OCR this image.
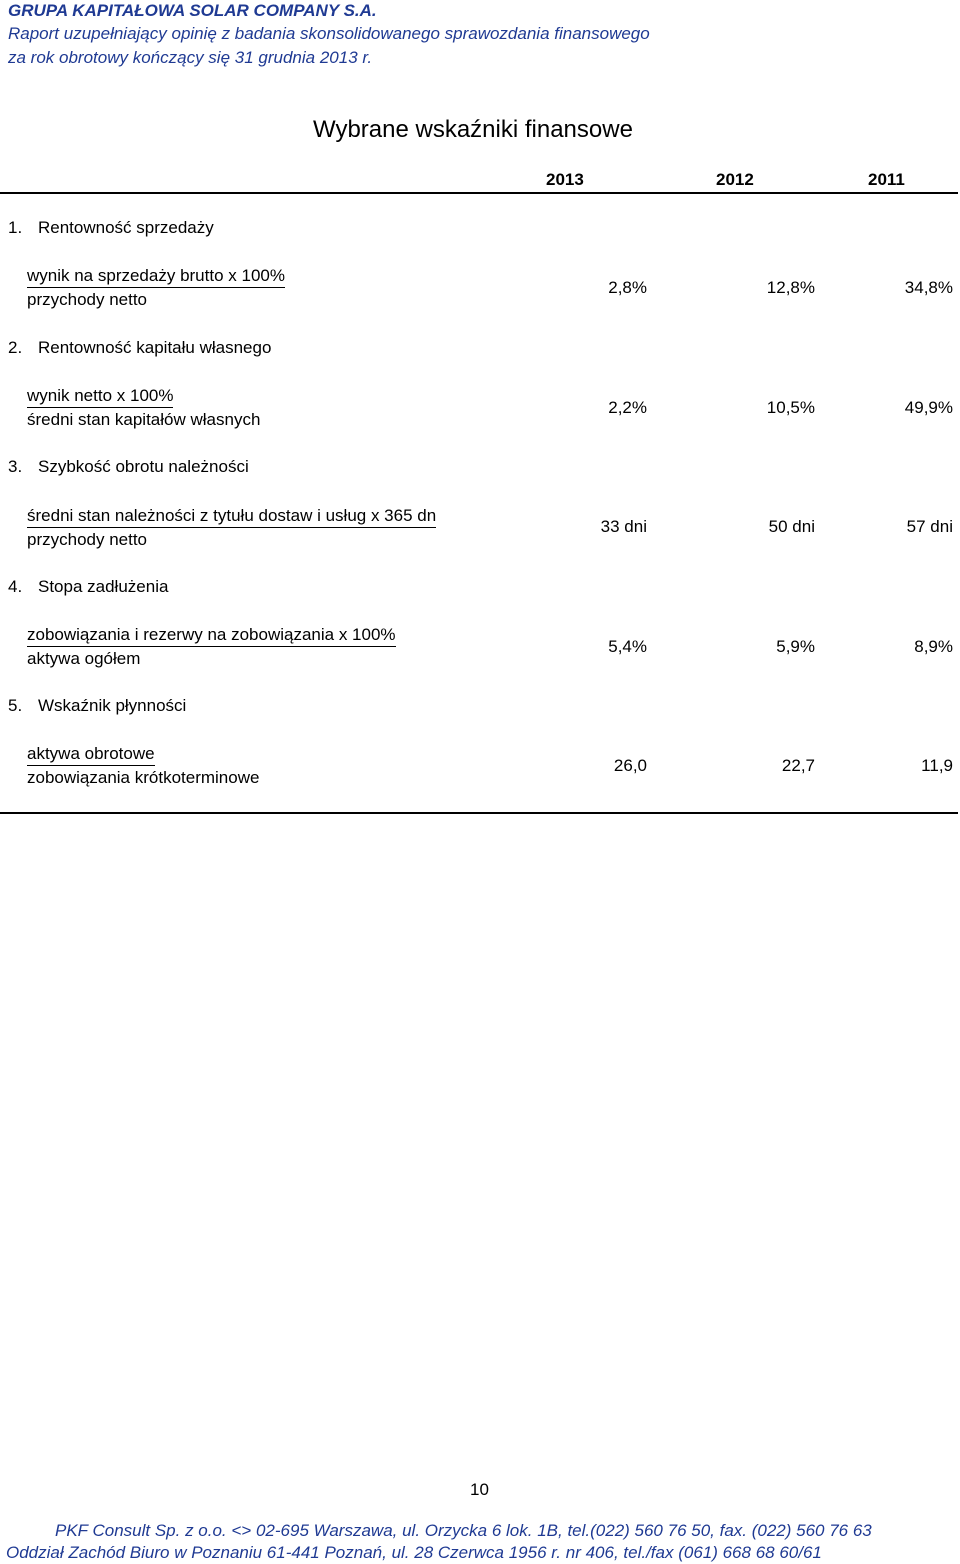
GRUPA KAPITAŁOWA SOLAR COMPANY S.A.
Raport uzupełniający opinię z badania skonsolidowanego sprawozdania finansowego
za rok obrotowy kończący się 31 grudnia 2013 r.
Wybrane wskaźniki finansowe
2013	2012	2011
1. Rentowność sprzedaży
wynik na sprzedaży brutto x 100%
przychody netto
2,8%	12,8%	34,8%
2. Rentowność kapitału własnego
wynik netto x 100%
średni stan kapitałów własnych
2,2%	10,5%	49,9%
3. Szybkość obrotu należności
średni stan należności z tytułu dostaw i usług x 365 dn
przychody netto
33 dni	50 dni	57 dni
4. Stopa zadłużenia
zobowiązania i rezerwy na zobowiązania x 100%
aktywa ogółem
5,4%	5,9%	8,9%
5. Wskaźnik płynności
aktywa obrotowe
zobowiązania krótkoterminowe
26,0	22,7	11,9
10
PKF Consult Sp. z o.o. <> 02-695 Warszawa, ul. Orzycka 6 lok. 1B, tel.(022) 560 76 50, fax. (022) 560 76 63
Oddział Zachód Biuro w Poznaniu 61-441 Poznań, ul. 28 Czerwca 1956 r. nr 406, tel./fax (061) 668 68 60/61
